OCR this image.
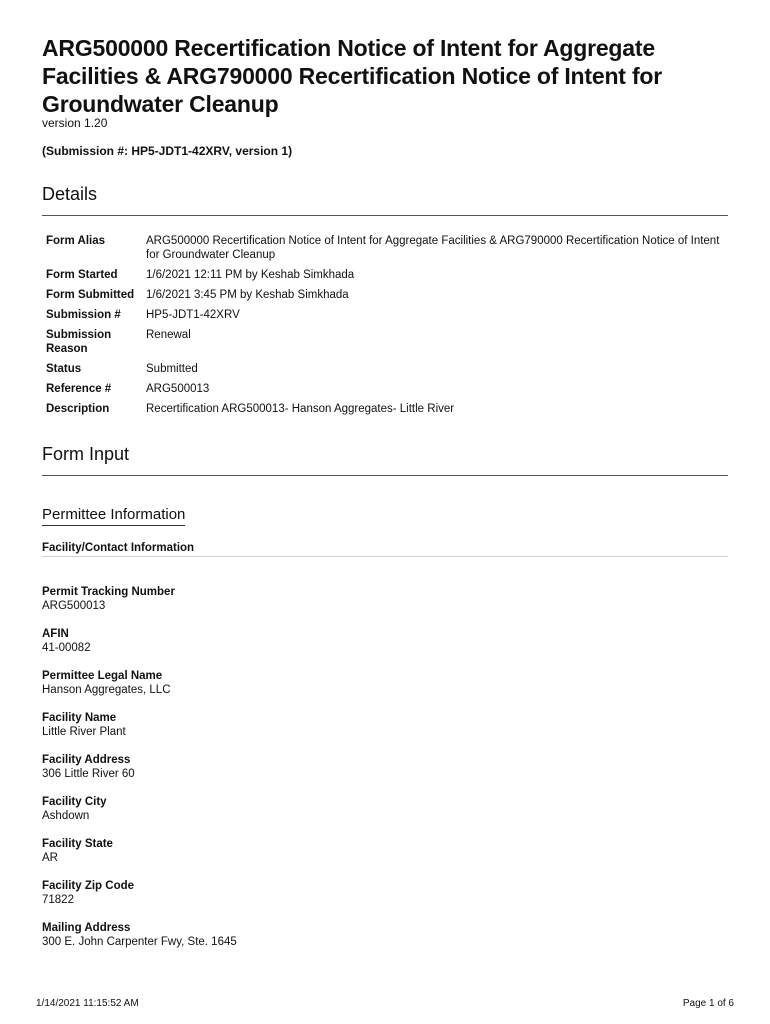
ARG500000 Recertification Notice of Intent for Aggregate Facilities & ARG790000 Recertification Notice of Intent for Groundwater Cleanup
version 1.20
(Submission #: HP5-JDT1-42XRV, version 1)
Details
Form Alias	ARG500000 Recertification Notice of Intent for Aggregate Facilities & ARG790000 Recertification Notice of Intent for Groundwater Cleanup
Form Started	1/6/2021 12:11 PM by Keshab Simkhada
Form Submitted	1/6/2021 3:45 PM by Keshab Simkhada
Submission #	HP5-JDT1-42XRV
Submission Reason	Renewal
Status	Submitted
Reference #	ARG500013
Description	Recertification ARG500013- Hanson Aggregates- Little River
Form Input
Permittee Information
Facility/Contact Information
Permit Tracking Number
ARG500013
AFIN
41-00082
Permittee Legal Name
Hanson Aggregates, LLC
Facility Name
Little River Plant
Facility Address
306 Little River 60
Facility City
Ashdown
Facility State
AR
Facility Zip Code
71822
Mailing Address
300 E. John Carpenter Fwy, Ste. 1645
1/14/2021 11:15:52 AM	Page 1 of 6
